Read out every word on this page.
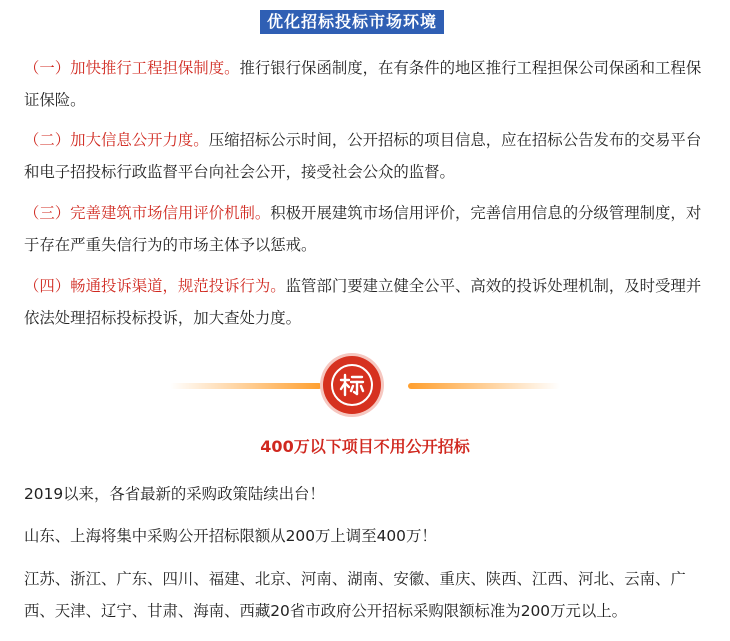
优化招标投标市场环境

（一）加快推行工程担保制度。推行银行保函制度，在有条件的地区推行工程担保公司保函和工程保证保险。

（二）加大信息公开力度。压缩招标公示时间，公开招标的项目信息，应在招标公告发布的交易平台和电子招投标行政监督平台向社会公开，接受社会公众的监督。

（三）完善建筑市场信用评价机制。积极开展建筑市场信用评价，完善信用信息的分级管理制度，对于存在严重失信行为的市场主体予以惩戒。

（四）畅通投诉渠道，规范投诉行为。监管部门要建立健全公平、高效的投诉处理机制，及时受理并依法处理招标投标投诉，加大查处力度。

400万以下项目不用公开招标

2019以来，各省最新的采购政策陆续出台！

山东、上海将集中采购公开招标限额从200万上调至400万！

江苏、浙江、广东、四川、福建、北京、河南、湖南、安徽、重庆、陕西、江西、河北、云南、广西、天津、辽宁、甘肃、海南、西藏20省市政府公开招标采购限额标准为200万元以上。
